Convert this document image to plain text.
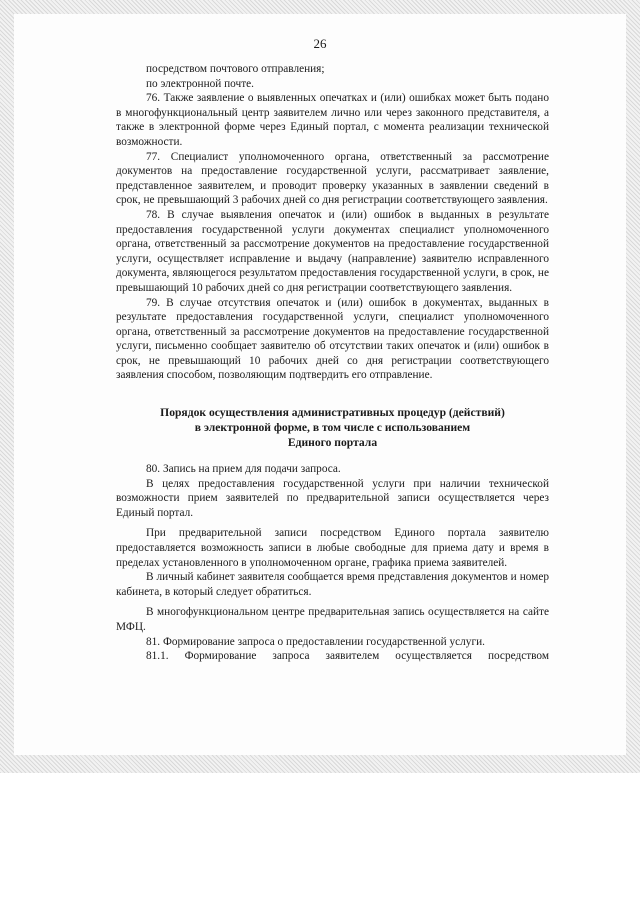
26

посредством почтового отправления;

по электронной почте.

76. Также заявление о выявленных опечатках и (или) ошибках может быть подано в многофункциональный центр заявителем лично или через законного представителя, а также в электронной форме через Единый портал, с момента реализации технической возможности.

77. Специалист уполномоченного органа, ответственный за рассмотрение документов на предоставление государственной услуги, рассматривает заявление, представленное заявителем, и проводит проверку указанных в заявлении сведений в срок, не превышающий 3 рабочих дней со дня регистрации соответствующего заявления.

78. В случае выявления опечаток и (или) ошибок в выданных в результате предоставления государственной услуги документах специалист уполномоченного органа, ответственный за рассмотрение документов на предоставление государственной услуги, осуществляет исправление и выдачу (направление) заявителю исправленного документа, являющегося результатом предоставления государственной услуги, в срок, не превышающий 10 рабочих дней со дня регистрации соответствующего заявления.

79. В случае отсутствия опечаток и (или) ошибок в документах, выданных в результате предоставления государственной услуги, специалист уполномоченного органа, ответственный за рассмотрение документов на предоставление государственной услуги, письменно сообщает заявителю об отсутствии таких опечаток и (или) ошибок в срок, не превышающий 10 рабочих дней со дня регистрации соответствующего заявления способом, позволяющим подтвердить его отправление.

Порядок осуществления административных процедур (действий)
в электронной форме, в том числе с использованием
Единого портала

80. Запись на прием для подачи запроса.

В целях предоставления государственной услуги при наличии технической возможности прием заявителей по предварительной записи осуществляется через Единый портал.

При предварительной записи посредством Единого портала заявителю предоставляется возможность записи в любые свободные для приема дату и время в пределах установленного в уполномоченном органе, графика приема заявителей.

В личный кабинет заявителя сообщается время представления документов и номер кабинета, в который следует обратиться.

В многофункциональном центре предварительная запись осуществляется на сайте МФЦ.

81. Формирование запроса о предоставлении государственной услуги.

81.1. Формирование запроса заявителем осуществляется посредством
